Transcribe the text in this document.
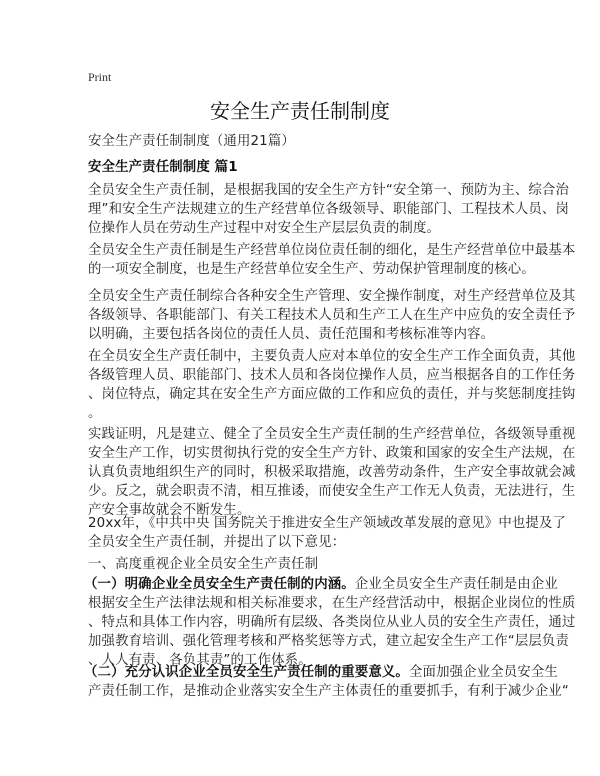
Print
安全生产责任制制度
安全生产责任制制度（通用21篇）
安全生产责任制制度 篇1
全员安全生产责任制，是根据我国的安全生产方针“安全第一、预防为主、综合治
理”和安全生产法规建立的生产经营单位各级领导、职能部门、工程技术人员、岗
位操作人员在劳动生产过程中对安全生产层层负责的制度。
全员安全生产责任制是生产经营单位岗位责任制的细化，是生产经营单位中最基本
的一项安全制度，也是生产经营单位安全生产、劳动保护管理制度的核心。
全员安全生产责任制综合各种安全生产管理、安全操作制度，对生产经营单位及其
各级领导、各职能部门、有关工程技术人员和生产工人在生产中应负的安全责任予
以明确，主要包括各岗位的责任人员、责任范围和考核标准等内容。
在全员安全生产责任制中，主要负责人应对本单位的安全生产工作全面负责，其他
各级管理人员、职能部门、技术人员和各岗位操作人员，应当根据各自的工作任务
、岗位特点，确定其在安全生产方面应做的工作和应负的责任，并与奖惩制度挂钩
。
实践证明，凡是建立、健全了全员安全生产责任制的生产经营单位，各级领导重视
安全生产工作，切实贯彻执行党的安全生产方针、政策和国家的安全生产法规，在
认真负责地组织生产的同时，积极采取措施，改善劳动条件，生产安全事故就会减
少。反之，就会职责不清，相互推诿，而使安全生产工作无人负责，无法进行，生
产安全事故就会不断发生。
20xx年，《中共中央 国务院关于推进安全生产领域改革发展的意见》中也提及了
全员安全生产责任制，并提出了以下意见：
一、高度重视企业全员安全生产责任制
（一）明确企业全员安全生产责任制的内涵。企业全员安全生产责任制是由企业
根据安全生产法律法规和相关标准要求，在生产经营活动中，根据企业岗位的性质
、特点和具体工作内容，明确所有层级、各类岗位从业人员的安全生产责任，通过
加强教育培训、强化管理考核和严格奖惩等方式，建立起安全生产工作“层层负责
、人人有责、各负其责”的工作体系。
（二）充分认识企业全员安全生产责任制的重要意义。全面加强企业全员安全生
产责任制工作，是推动企业落实安全生产主体责任的重要抓手，有利于减少企业“
